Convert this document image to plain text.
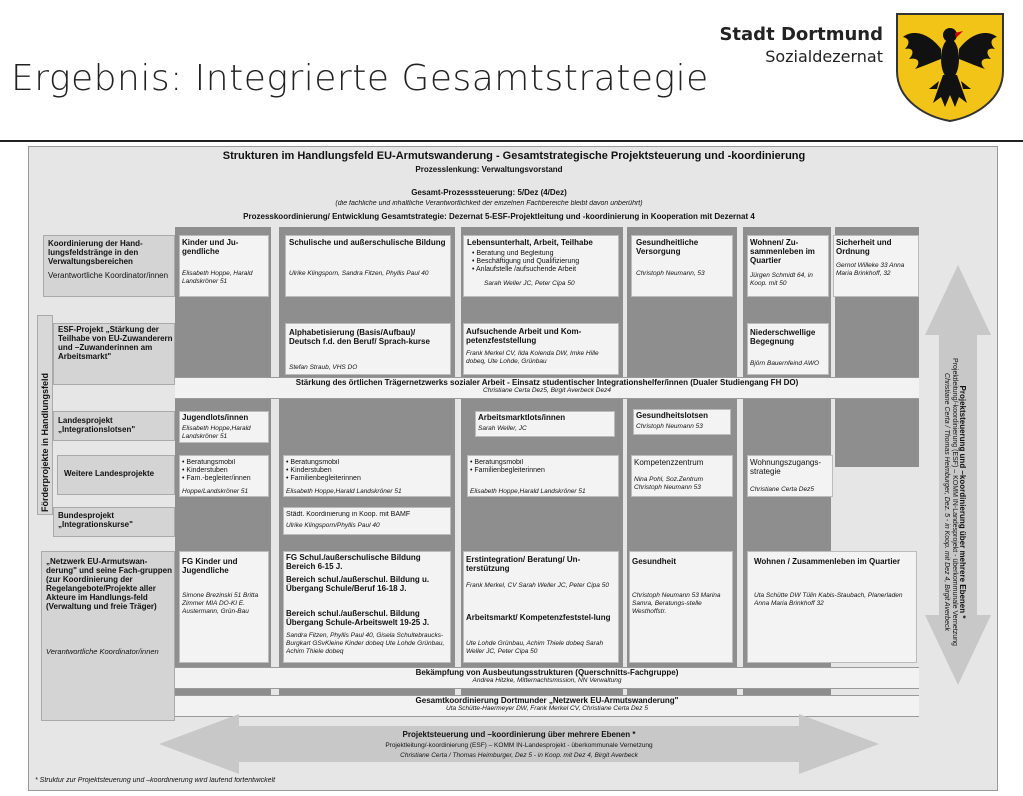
Ergebnis: Integrierte Gesamtstrategie
Stadt Dortmund
Sozialdezernat
Strukturen im Handlungsfeld EU-Armutswanderung - Gesamtstrategische Projektsteuerung und -koordinierung
Prozesslenkung: Verwaltungsvorstand
Gesamt-Prozesssteuerung: 5/Dez (4/Dez)
(die fachliche und inhaltliche Verantwortlichkeit der einzelnen Fachbereiche bleibt davon unberührt)
Prozesskoordinierung/ Entwicklung Gesamtstrategie: Dezernat 5-ESF-Projektleitung und -koordinierung in Kooperation mit Dezernat 4
Förderprojekte in Handlungsfeld
Koordinierung der Hand-lungsfeldstränge in den Verwaltungsbereichen
Verantwortliche Koordinator/innen
Kinder und Ju-gendliche
Elisabeth Hoppe, Harald Landskröner 51
Schulische und außerschulische Bildung
Ulrike Klingsporn, Sandra Fitzen, Phyllis Paul 40
Lebensunterhalt, Arbeit, Teilhabe
• Beratung und Begleitung
• Beschäftigung und Qualifizierung
• Anlaufstelle /aufsuchende Arbeit
Sarah Weller JC, Peter Cipa 50
Gesundheitliche Versorgung
Christoph Neumann, 53
Wohnen/ Zu-sammenleben im Quartier
Jürgen Schmidt 64, in Koop. mit 50
Sicherheit und Ordnung
Gernot Willeke 33 Anna Maria Brinkhoff, 32
ESF-Projekt „Stärkung der Teilhabe von EU-Zuwanderern und –Zuwanderinnen am Arbeitsmarkt"
Alphabetisierung (Basis/Aufbau)/ Deutsch f.d. den Beruf/ Sprach-kurse
Stefan Straub, VHS DO
Aufsuchende Arbeit und Kom-petenzfeststellung
Frank Merkel CV, Ilda Kolenda DW, Imke Hille dobeq, Ute Lohde, Grünbau
Niederschwellige Begegnung
Björn Bauernfeind AWO
Stärkung des örtlichen Trägernetzwerks sozialer Arbeit - Einsatz studentischer Integrationshelfer/innen (Dualer Studiengang FH DO)
Christiane Certa Dez5, Birgit Averbeck Dez4
Landesprojekt „Integrationslotsen"
Jugendlots/innen
Elisabeth Hoppe,Harald Landskröner 51
Arbeitsmarktlots/innen
Sarah Weller, JC
Gesundheitslotsen
Christoph Neumann 53
Weitere Landesprojekte
• Beratungsmobil
• Kinderstuben
• Fam.-begleiter/innen
Hoppe/Landskröner 51
• Beratungsmobil
• Kinderstuben
• Familienbegleiterinnen
Elisabeth Hoppe,Harald Landskröner 51
• Beratungsmobil
• Familienbegleiterinnen
Elisabeth Hoppe,Harald Landskröner 51
Kompetenzzentrum
Nina Pohl, Soz.Zentrum Christoph Neumann 53
Wohnungszugangs-strategie
Christiane Certa Dez5
Bundesprojekt „Integrationskurse"
Städt. Koordinierung in Koop. mit BAMF
Ulrike Klingsporn/Phyllis Paul 40
„Netzwerk EU-Armutswan-derung" und seine Fach-gruppen (zur Koordinierung der Regelangebote/Projekte aller Akteure im Handlungs-feld (Verwaltung und freie Träger)
Verantwortliche Koordinator/innen
FG Kinder und Jugendliche
Simone Brezinski 51 Britta Zimmer MIA DO-KI E. Austermann, Grün-Bau
FG Schul./außerschulische Bildung Bereich 6-15 J.
Bereich schul./außerschul. Bildung u. Übergang Schule/Beruf 16-18 J.
Bereich schul./außerschul. Bildung Übergang Schule-Arbeitswelt 19-25 J.
Sandra Fitzen, Phyllis Paul 40, Gisela Schultebraucks-Burgkart GSvKleine Kinder dobeq Ute Lohde Grünbau, Achim Thiele dobeq
Erstintegration/ Beratung/ Un-terstützung
Frank Merkel, CV Sarah Weller JC, Peter Cipa 50
Arbeitsmarkt/ Kompetenzfeststel-lung
Ute Lohde Grünbau, Achim Thiele dobeq Sarah Weller JC, Peter Cipa 50
Gesundheit
Christoph Neumann 53 Marina Samra, Beratungs-stelle Westhoffstr.
Wohnen / Zusammenleben im Quartier
Uta Schütte DW Tülin Kabis-Staubach, Planerladen Anna Maria Brinkhoff 32
Bekämpfung von Ausbeutungsstrukturen (Querschnitts-Fachgruppe)
Andrea Hitzke, Mitternachtsmission, NN Verwaltung
Gesamtkoordinierung Dortmunder „Netzwerk EU-Armutswanderung"
Uta Schütte-Haermeyer DW, Frank Merkel CV, Christiane Certa Dez 5
Projektsteuerung und –koordinierung über mehrere Ebenen *
Projektleitung/-koordinierung (ESF) – KOMM IN-Landesprojekt - überkommunale Vernetzung
Christiane Certa / Thomas Heimburger, Dez 5 - in Koop. mit Dez 4, Birgit Averbeck
Projektsteuerung und –koordinierung über mehrere Ebenen *
Projektleitung/-koordinierung (ESF) – KOMM IN-Landesprojekt - überkommunale Vernetzung
Christiane Certa / Thomas Heimburger, Dez. 5 - in Koop. mit Dez 4, Birgit Averbeck
* Struktur zur Projektsteuerung und –koordinierung wird laufend fortentwickelt
